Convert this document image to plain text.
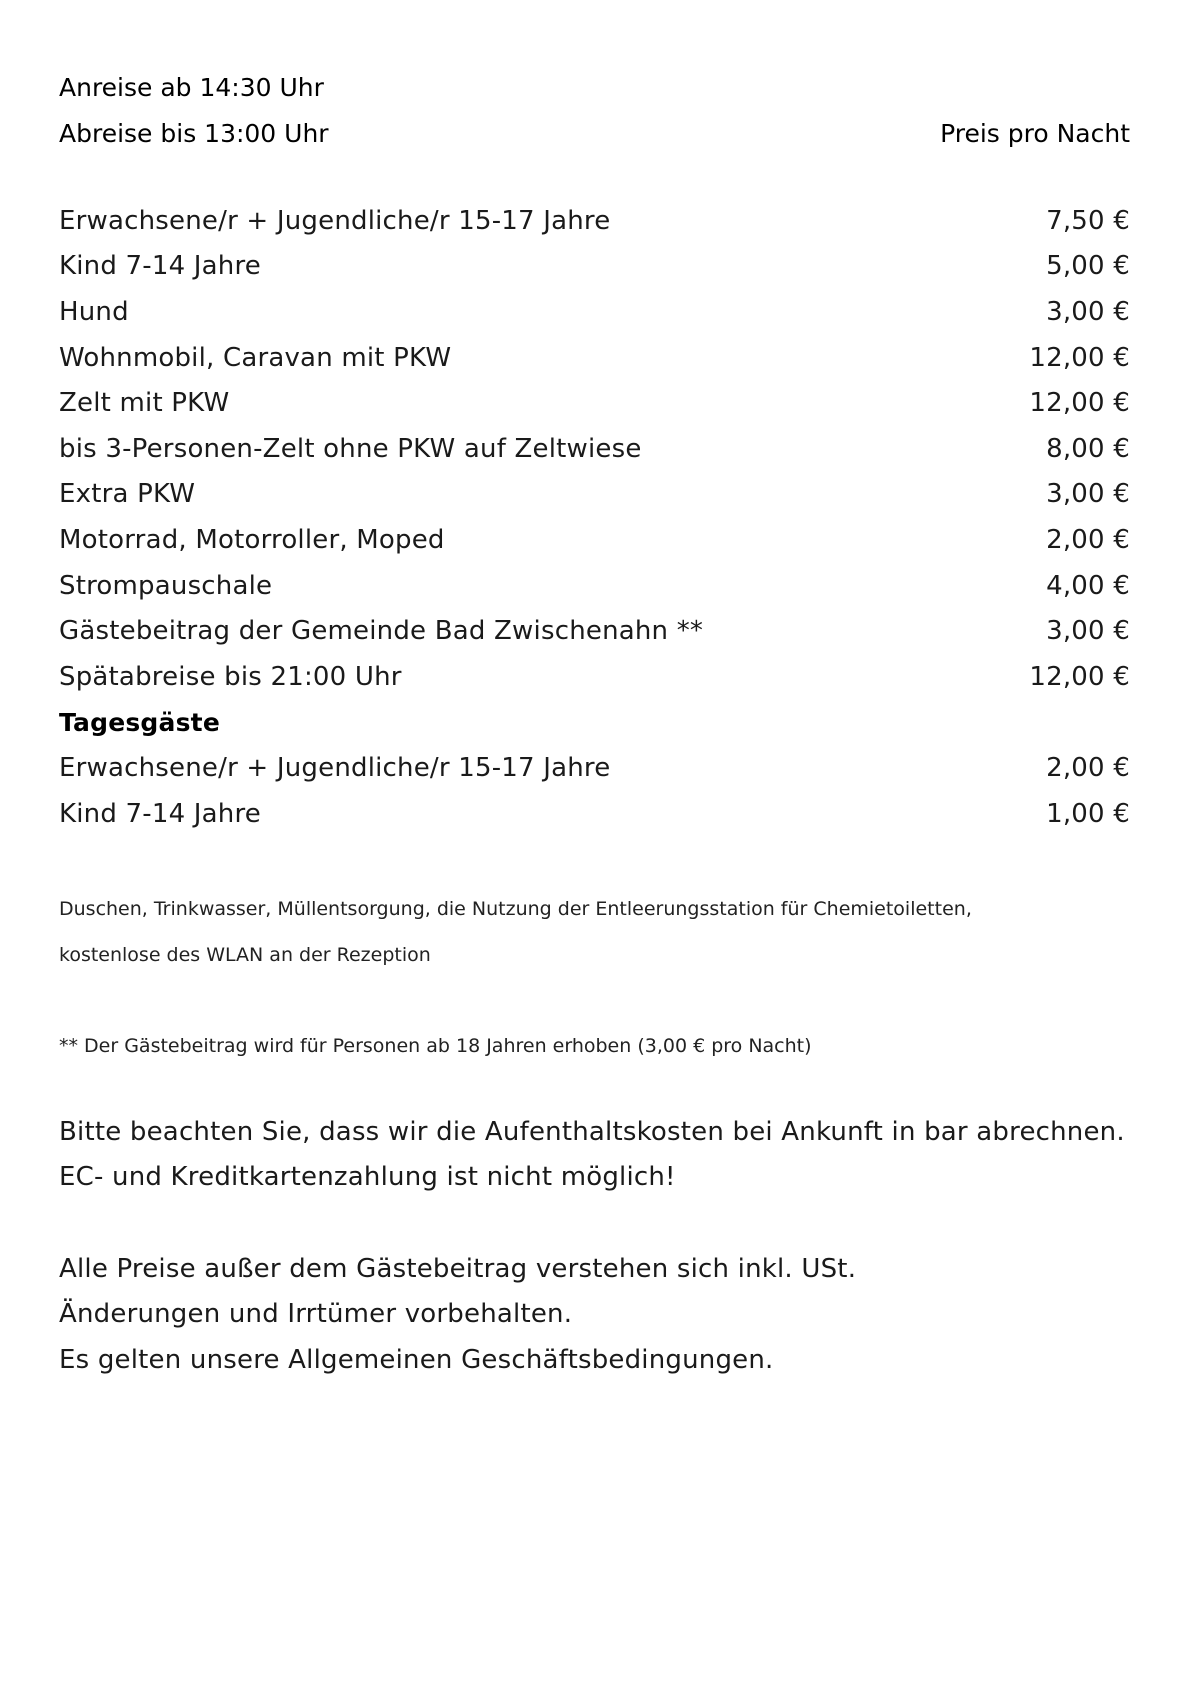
Anreise ab 14:30 Uhr
Abreise bis 13:00 Uhr	Preis pro Nacht
Erwachsene/r + Jugendliche/r 15-17 Jahre	7,50 €
Kind 7-14 Jahre	5,00 €
Hund	3,00 €
Wohnmobil, Caravan mit PKW	12,00 €
Zelt mit PKW	12,00 €
bis 3-Personen-Zelt ohne PKW auf Zeltwiese	8,00 €
Extra PKW	3,00 €
Motorrad, Motorroller, Moped	2,00 €
Strompauschale	4,00 €
Gästebeitrag der Gemeinde Bad Zwischenahn **	3,00 €
Spätabreise bis 21:00 Uhr	12,00 €
Tagesgäste
Erwachsene/r + Jugendliche/r 15-17 Jahre	2,00 €
Kind 7-14 Jahre	1,00 €
Duschen, Trinkwasser, Müllentsorgung, die Nutzung der Entleerungsstation für Chemietoiletten,
kostenlose des WLAN an der Rezeption
** Der Gästebeitrag wird für Personen ab 18 Jahren erhoben (3,00 € pro Nacht)
Bitte beachten Sie, dass wir die Aufenthaltskosten bei Ankunft in bar abrechnen.
EC- und Kreditkartenzahlung ist nicht möglich!
Alle Preise außer dem Gästebeitrag verstehen sich inkl. USt.
Änderungen und Irrtümer vorbehalten.
Es gelten unsere Allgemeinen Geschäftsbedingungen.
